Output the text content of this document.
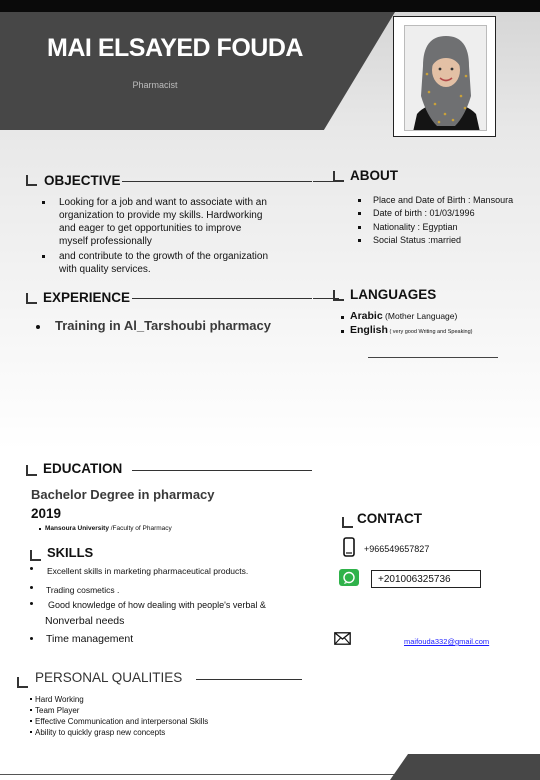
MAI ELSAYED FOUDA
Pharmacist
OBJECTIVE
Looking for a job and want to associate with an
organization to provide my skills. Hardworking
and eager to get opportunities to improve
myself professionally
and contribute to the growth of the organization
with quality services.
ABOUT
Place and Date of Birth : Mansoura
Date of birth : 01/03/1996
Nationality : Egyptian
Social Status :married
EXPERIENCE
Training in Al_Tarshoubi pharmacy
LANGUAGES
Arabic (Mother Language)
English ( very good Writing and Speaking)
EDUCATION
Bachelor Degree in pharmacy
2019
Mansoura University /Faculty of Pharmacy
CONTACT
+966549657827
+201006325736
maifouda332@gmail.com
SKILLS
Excellent skills in marketing pharmaceutical products.
Trading cosmetics .
Good knowledge of how dealing with people's verbal &
Nonverbal needs
Time management
PERSONAL QUALITIES
Hard Working
Team Player
Effective Communication and interpersonal Skills
Ability to quickly grasp new concepts
